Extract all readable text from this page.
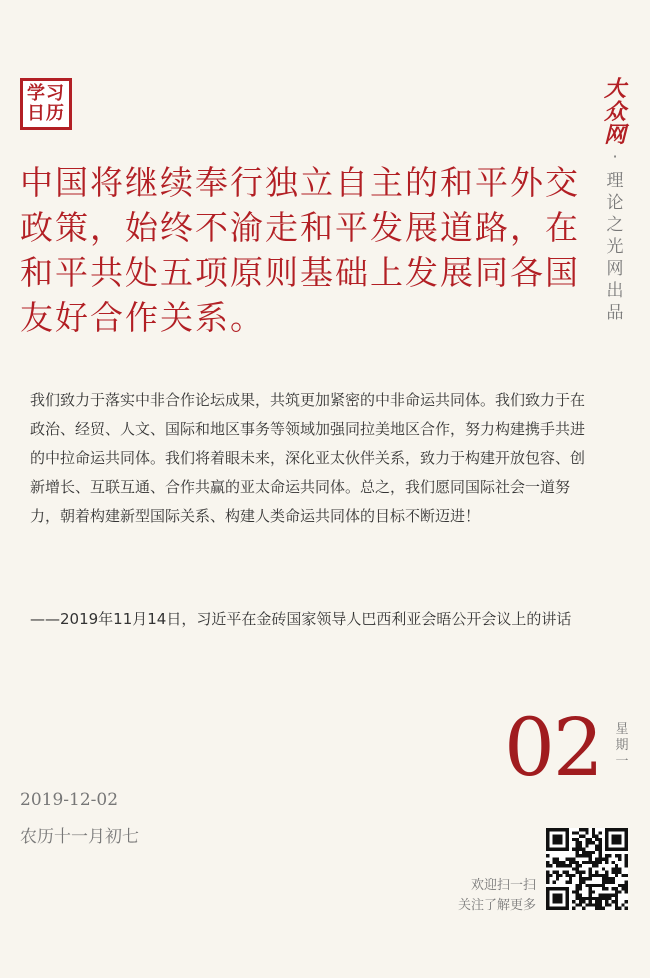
学习
日历
大众网
·
理论之光网出品
中国将继续奉行独立自主的和平外交政策，始终不渝走和平发展道路，在和平共处五项原则基础上发展同各国友好合作关系。

我们致力于落实中非合作论坛成果，共筑更加紧密的中非命运共同体。我们致力于在政治、经贸、人文、国际和地区事务等领域加强同拉美地区合作，努力构建携手共进的中拉命运共同体。我们将着眼未来，深化亚太伙伴关系，致力于构建开放包容、创新增长、互联互通、合作共赢的亚太命运共同体。总之，我们愿同国际社会一道努力，朝着构建新型国际关系、构建人类命运共同体的目标不断迈进！

——2019年11月14日，习近平在金砖国家领导人巴西利亚会晤公开会议上的讲话

02 星期一
2019-12-02
农历十一月初七
欢迎扫一扫
关注了解更多
